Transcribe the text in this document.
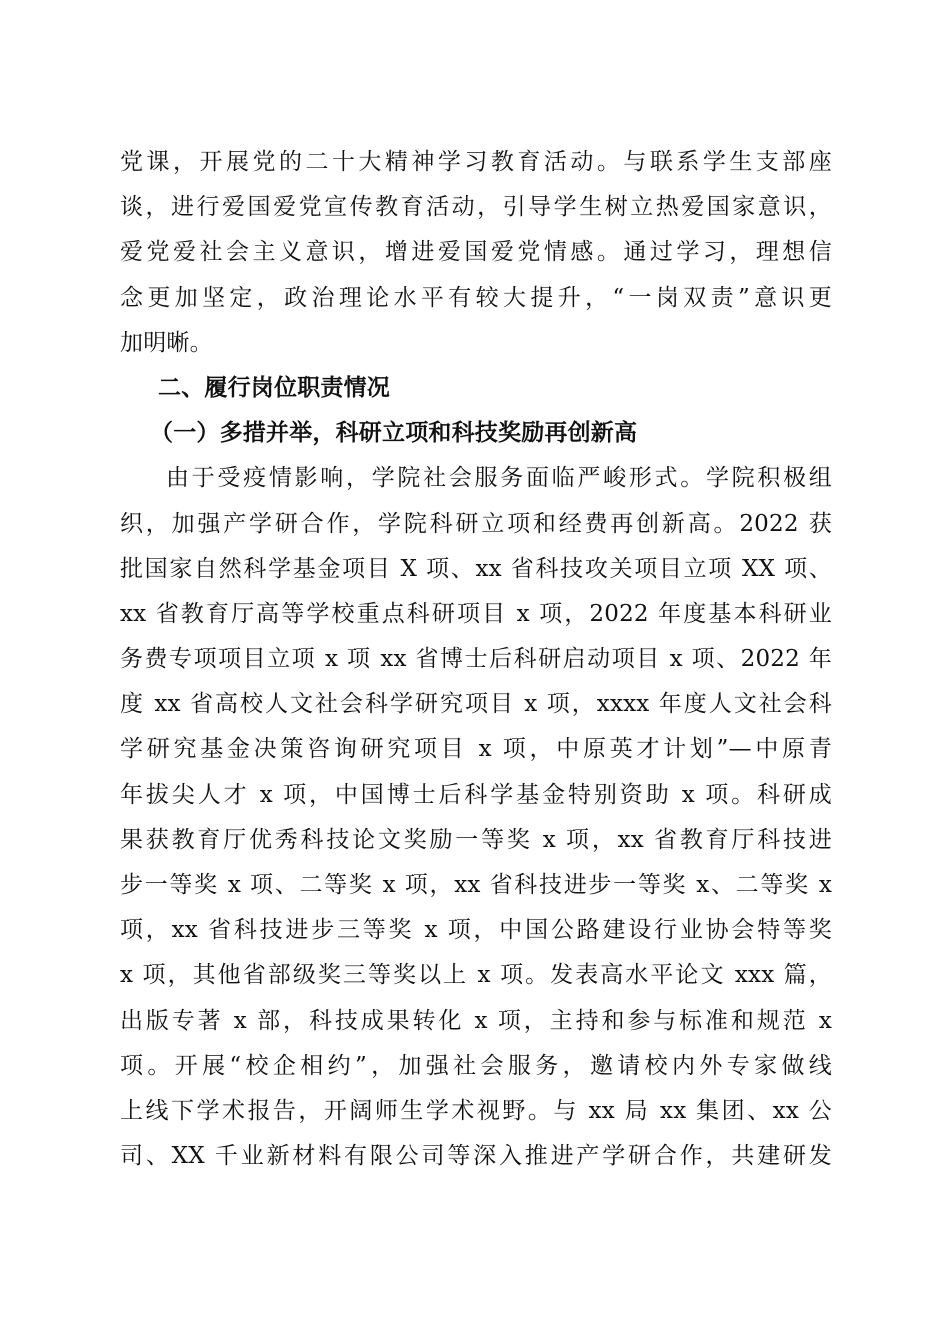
党课，开展党的二十大精神学习教育活动。与联系学生支部座
谈，进行爱国爱党宣传教育活动，引导学生树立热爱国家意识，
爱党爱社会主义意识，增进爱国爱党情感。通过学习，理想信
念更加坚定，政治理论水平有较大提升，“一岗双责”意识更
加明晰。
二、履行岗位职责情况
（一）多措并举，科研立项和科技奖励再创新高
由于受疫情影响，学院社会服务面临严峻形式。学院积极组
织，加强产学研合作，学院科研立项和经费再创新高。2022 获
批国家自然科学基金项目 X 项、xx 省科技攻关项目立项 XX 项、
xx 省教育厅高等学校重点科研项目 x 项，2022 年度基本科研业
务费专项项目立项 x 项 xx 省博士后科研启动项目 x 项、2022 年
度 xx 省高校人文社会科学研究项目 x 项，xxxx 年度人文社会科
学研究基金决策咨询研究项目 x 项，中原英才计划”—中原青
年拔尖人才 x 项，中国博士后科学基金特别资助 x 项。科研成
果获教育厅优秀科技论文奖励一等奖 x 项，xx 省教育厅科技进
步一等奖 x 项、二等奖 x 项，xx 省科技进步一等奖 x、二等奖 x
项，xx 省科技进步三等奖 x 项，中国公路建设行业协会特等奖
x 项，其他省部级奖三等奖以上 x 项。发表高水平论文 xxx 篇，
出版专著 x 部，科技成果转化 x 项，主持和参与标准和规范 x
项。开展“校企相约”，加强社会服务，邀请校内外专家做线
上线下学术报告，开阔师生学术视野。与 xx 局 xx 集团、xx 公
司、XX 千业新材料有限公司等深入推进产学研合作，共建研发
